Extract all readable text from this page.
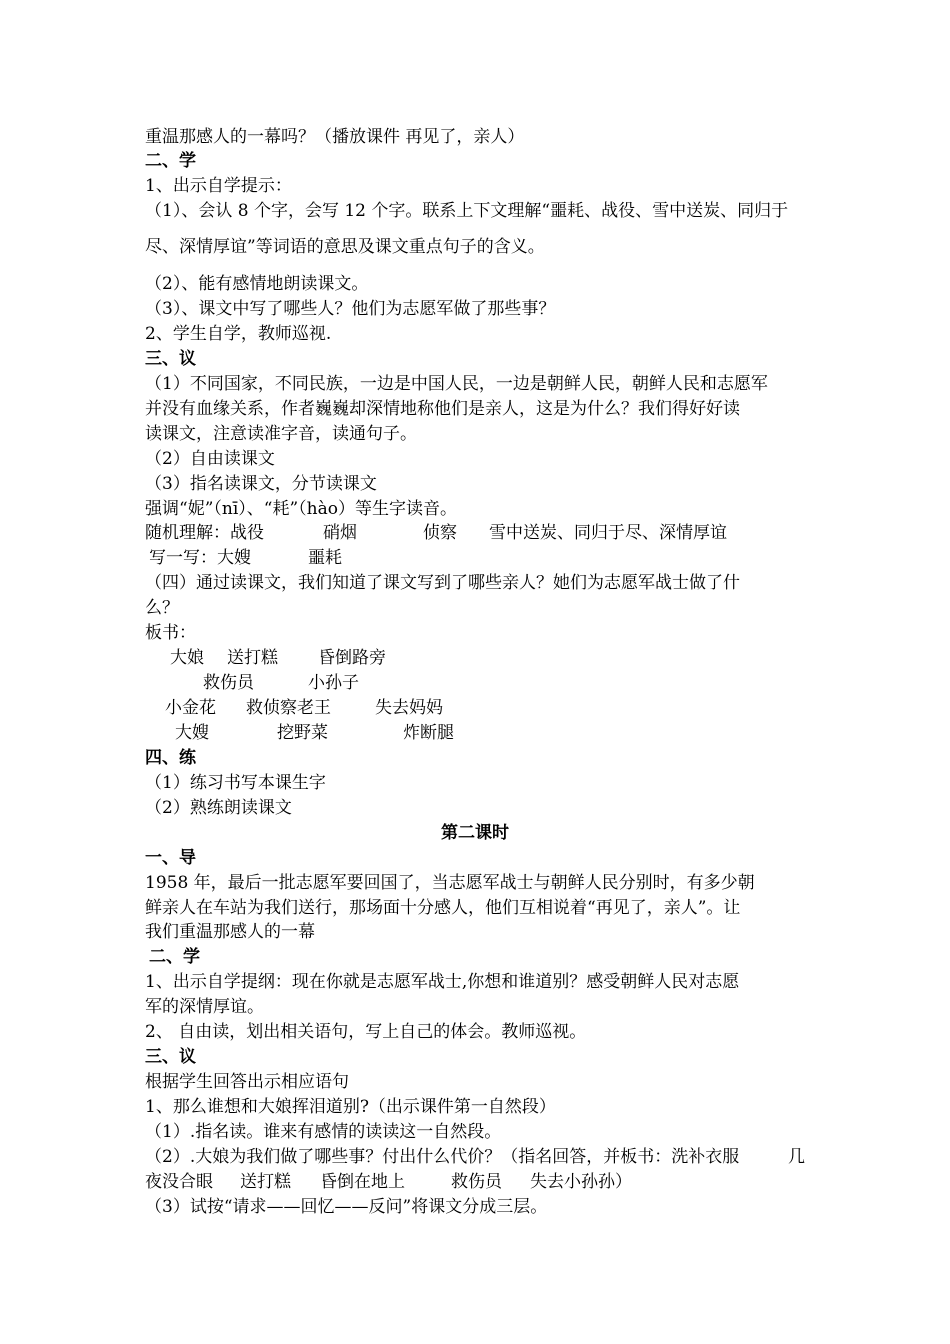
重温那感人的一幕吗？（播放课件 再见了，亲人）
二、学
1、出示自学提示：
（1）、会认 8 个字，会写 12 个字。联系上下文理解“噩耗、战役、雪中送炭、同归于
尽、深情厚谊”等词语的意思及课文重点句子的含义。
（2）、能有感情地朗读课文。
（3）、课文中写了哪些人？他们为志愿军做了那些事？
2、学生自学，教师巡视.
三、议
（1）不同国家，不同民族，一边是中国人民，一边是朝鲜人民，朝鲜人民和志愿军
并没有血缘关系，作者巍巍却深情地称他们是亲人，这是为什么？我们得好好读
读课文，注意读准字音，读通句子。
（2）自由读课文
（3）指名读课文，分节读课文
强调“妮”（nī）、“耗”（hào）等生字读音。
随机理解：战役	硝烟	侦察 雪中送炭、同归于尽、深情厚谊
写一写：大嫂	噩耗
（四）通过读课文，我们知道了课文写到了哪些亲人？她们为志愿军战士做了什
么？
板书：
大娘 送打糕 昏倒路旁
救伤员	小孙子
小金花 救侦察老王	失去妈妈
大嫂	挖野菜	炸断腿
四、练
（1）练习书写本课生字
（2）熟练朗读课文
第二课时
一、导
1958 年，最后一批志愿军要回国了，当志愿军战士与朝鲜人民分别时，有多少朝
鲜亲人在车站为我们送行，那场面十分感人，他们互相说着“再见了，亲人”。让
我们重温那感人的一幕
二、学
1、出示自学提纲：现在你就是志愿军战士,你想和谁道别？感受朝鲜人民对志愿
军的深情厚谊。
2、 自由读，划出相关语句，写上自己的体会。教师巡视。
三、议
根据学生回答出示相应语句
1、那么谁想和大娘挥泪道别?（出示课件第一自然段）
（1）.指名读。谁来有感情的读读这一自然段。
（2）.大娘为我们做了哪些事？付出什么代价？（指名回答，并板书：洗补衣服	几
夜没合眼 送打糕 昏倒在地上	救伤员 失去小孙孙）
（3）试按“请求——回忆——反问”将课文分成三层。
